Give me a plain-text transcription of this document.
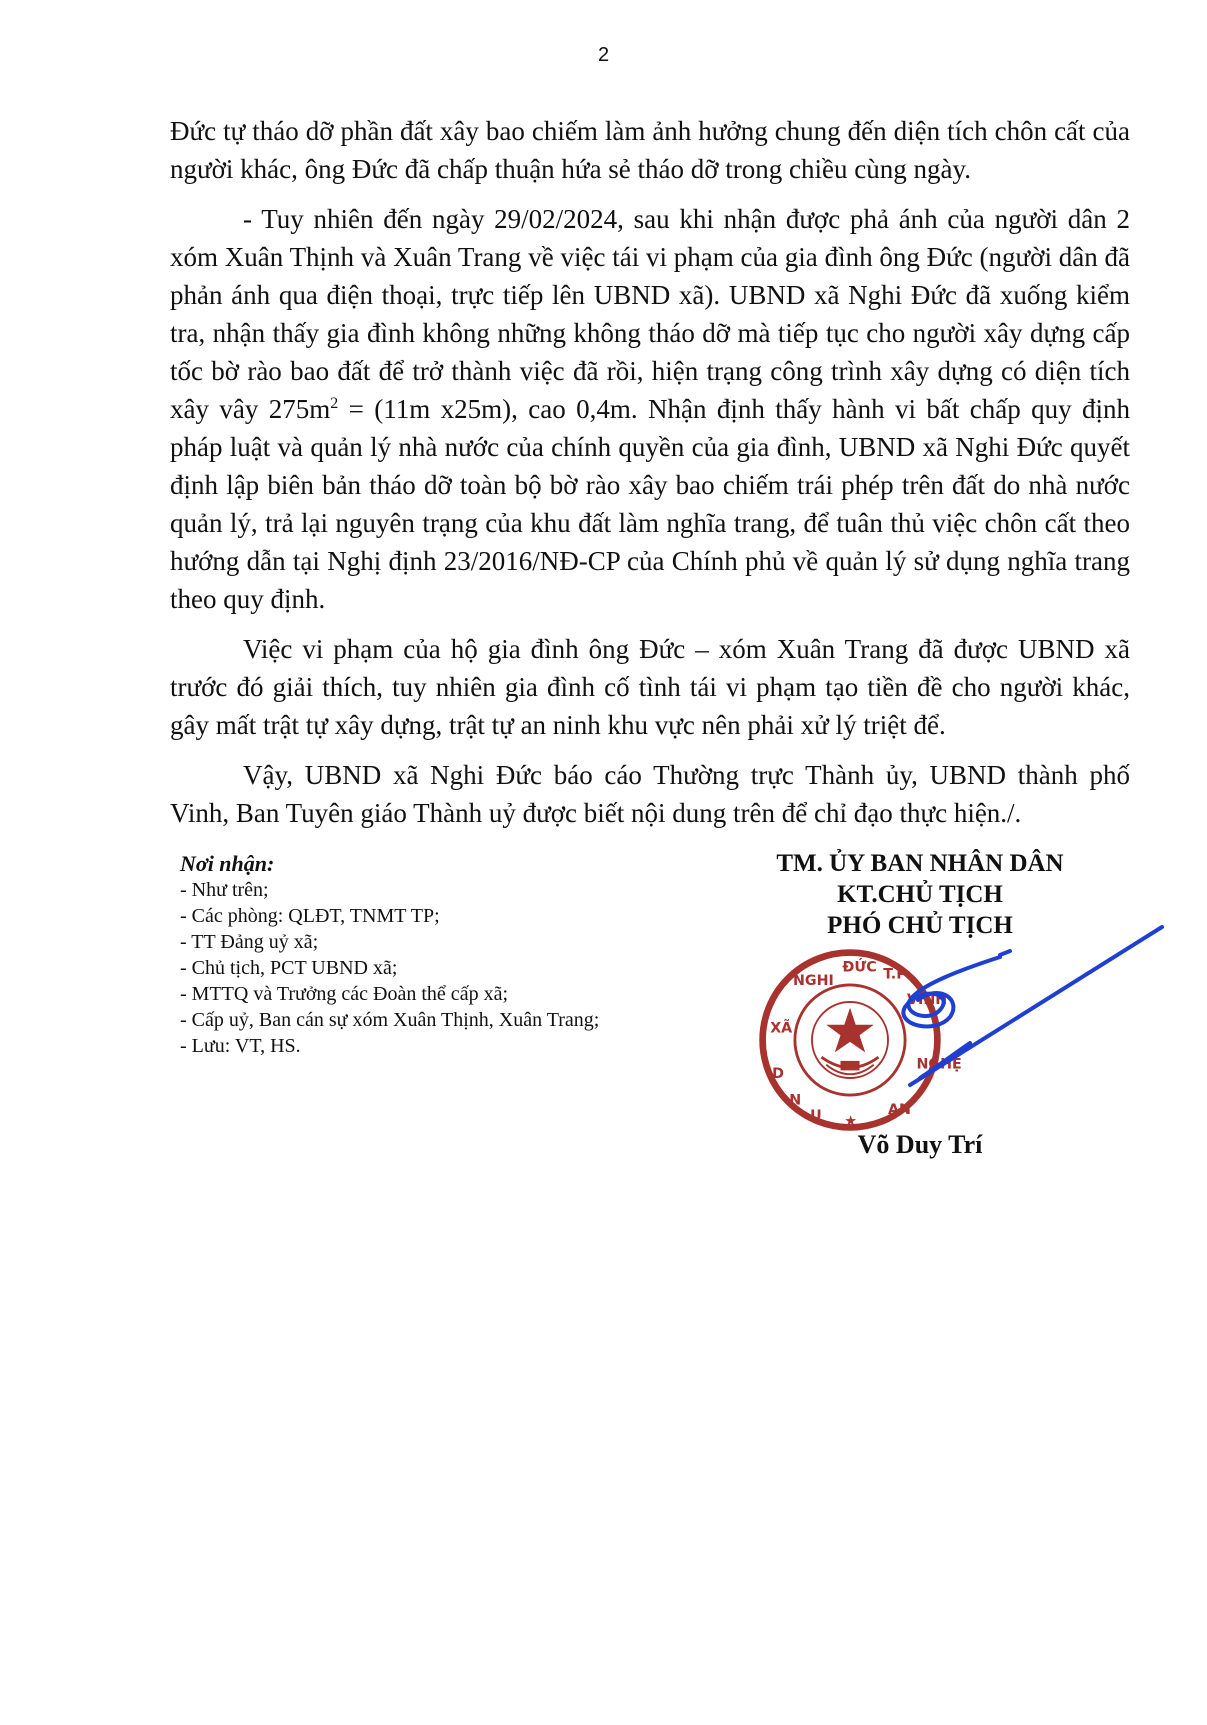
2

Đức tự tháo dỡ phần đất xây bao chiếm làm ảnh hưởng chung đến diện tích chôn cất của người khác, ông Đức đã chấp thuận hứa sẻ tháo dỡ trong chiều cùng ngày.

- Tuy nhiên đến ngày 29/02/2024, sau khi nhận được phả ánh của người dân 2 xóm Xuân Thịnh và Xuân Trang về việc tái vi phạm của gia đình ông Đức (người dân đã phản ánh qua điện thoại, trực tiếp lên UBND xã). UBND xã Nghi Đức đã xuống kiểm tra, nhận thấy gia đình không những không tháo dỡ mà tiếp tục cho người xây dựng cấp tốc bờ rào bao đất để trở thành việc đã rồi, hiện trạng công trình xây dựng có diện tích xây vây $275m^2 = (11m$ x25m), cao 0,4m. Nhận định thấy hành vi bất chấp quy định pháp luật và quản lý nhà nước của chính quyền của gia đình, UBND xã Nghi Đức quyết định lập biên bản tháo dỡ toàn bộ bờ rào xây bao chiếm trái phép trên đất do nhà nước quản lý, trả lại nguyên trạng của khu đất làm nghĩa trang, để tuân thủ việc chôn cất theo hướng dẫn tại Nghị định 23/2016/NĐ-CP của Chính phủ về quản lý sử dụng nghĩa trang theo quy định.

Việc vi phạm của hộ gia đình ông Đức – xóm Xuân Trang đã được UBND xã trước đó giải thích, tuy nhiên gia đình cố tình tái vi phạm tạo tiền đề cho người khác, gây mất trật tự xây dựng, trật tự an ninh khu vực nên phải xử lý triệt để.

Vậy, UBND xã Nghi Đức báo cáo Thường trực Thành ủy, UBND thành phố Vinh, Ban Tuyên giáo Thành uỷ được biết nội dung trên để chỉ đạo thực hiện./.

Nơi nhận:
- Như trên;
- Các phòng: QLĐT, TNMT TP;
- TT Đảng uỷ xã;
- Chủ tịch, PCT UBND xã;
- MTTQ và Trưởng các Đoàn thể cấp xã;
- Cấp uỷ, Ban cán sự xóm Xuân Thịnh, Xuân Trang;
- Lưu: VT, HS.
TM. ỦY BAN NHÂN DÂN
KT.CHỦ TỊCH
PHÓ CHỦ TỊCH
ĐỨC T.P
VINH
NGHI
XÃ
D
N
U
NGHỆ
AN
★
Võ Duy Trí
